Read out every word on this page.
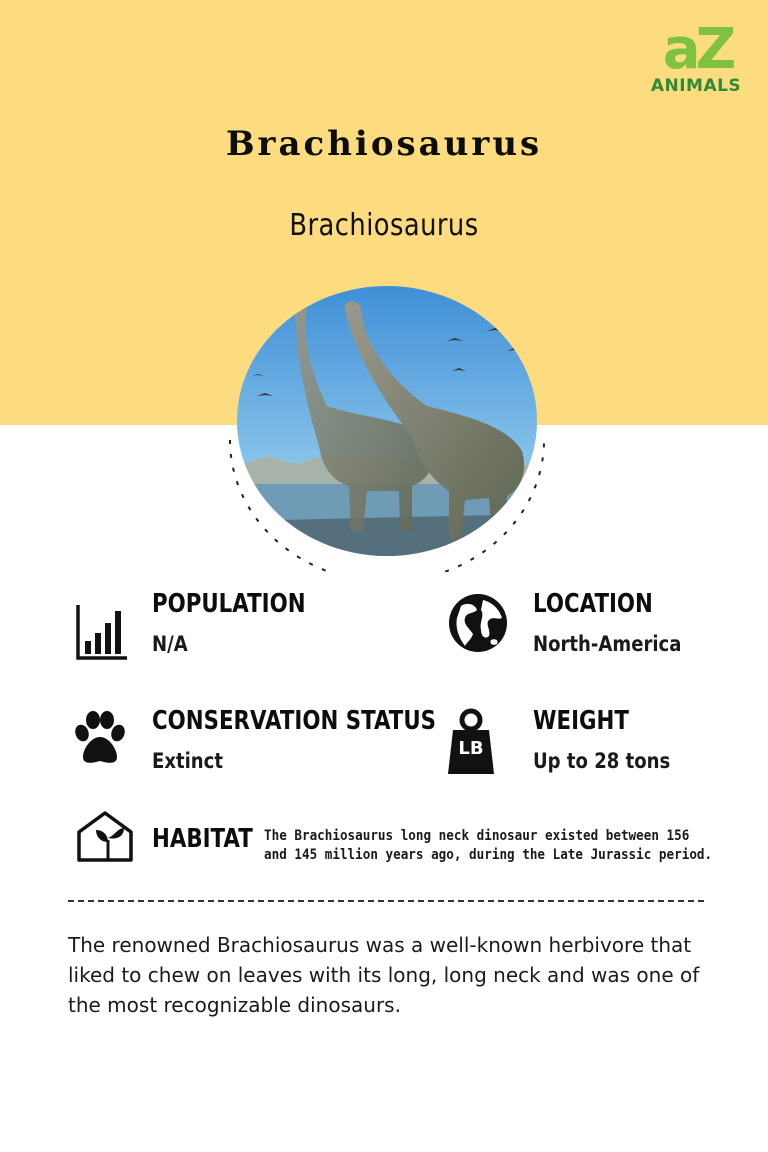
aZ
ANIMALS
Brachiosaurus
Brachiosaurus
POPULATION
N/A
LOCATION
North-America
CONSERVATION STATUS
Extinct
LB
WEIGHT
Up to 28 tons
HABITAT The Brachiosaurus long neck dinosaur existed between 156 and 145 million years ago, during the Late Jurassic period.
The renowned Brachiosaurus was a well-known herbivore that liked to chew on leaves with its long, long neck and was one of the most recognizable dinosaurs.
